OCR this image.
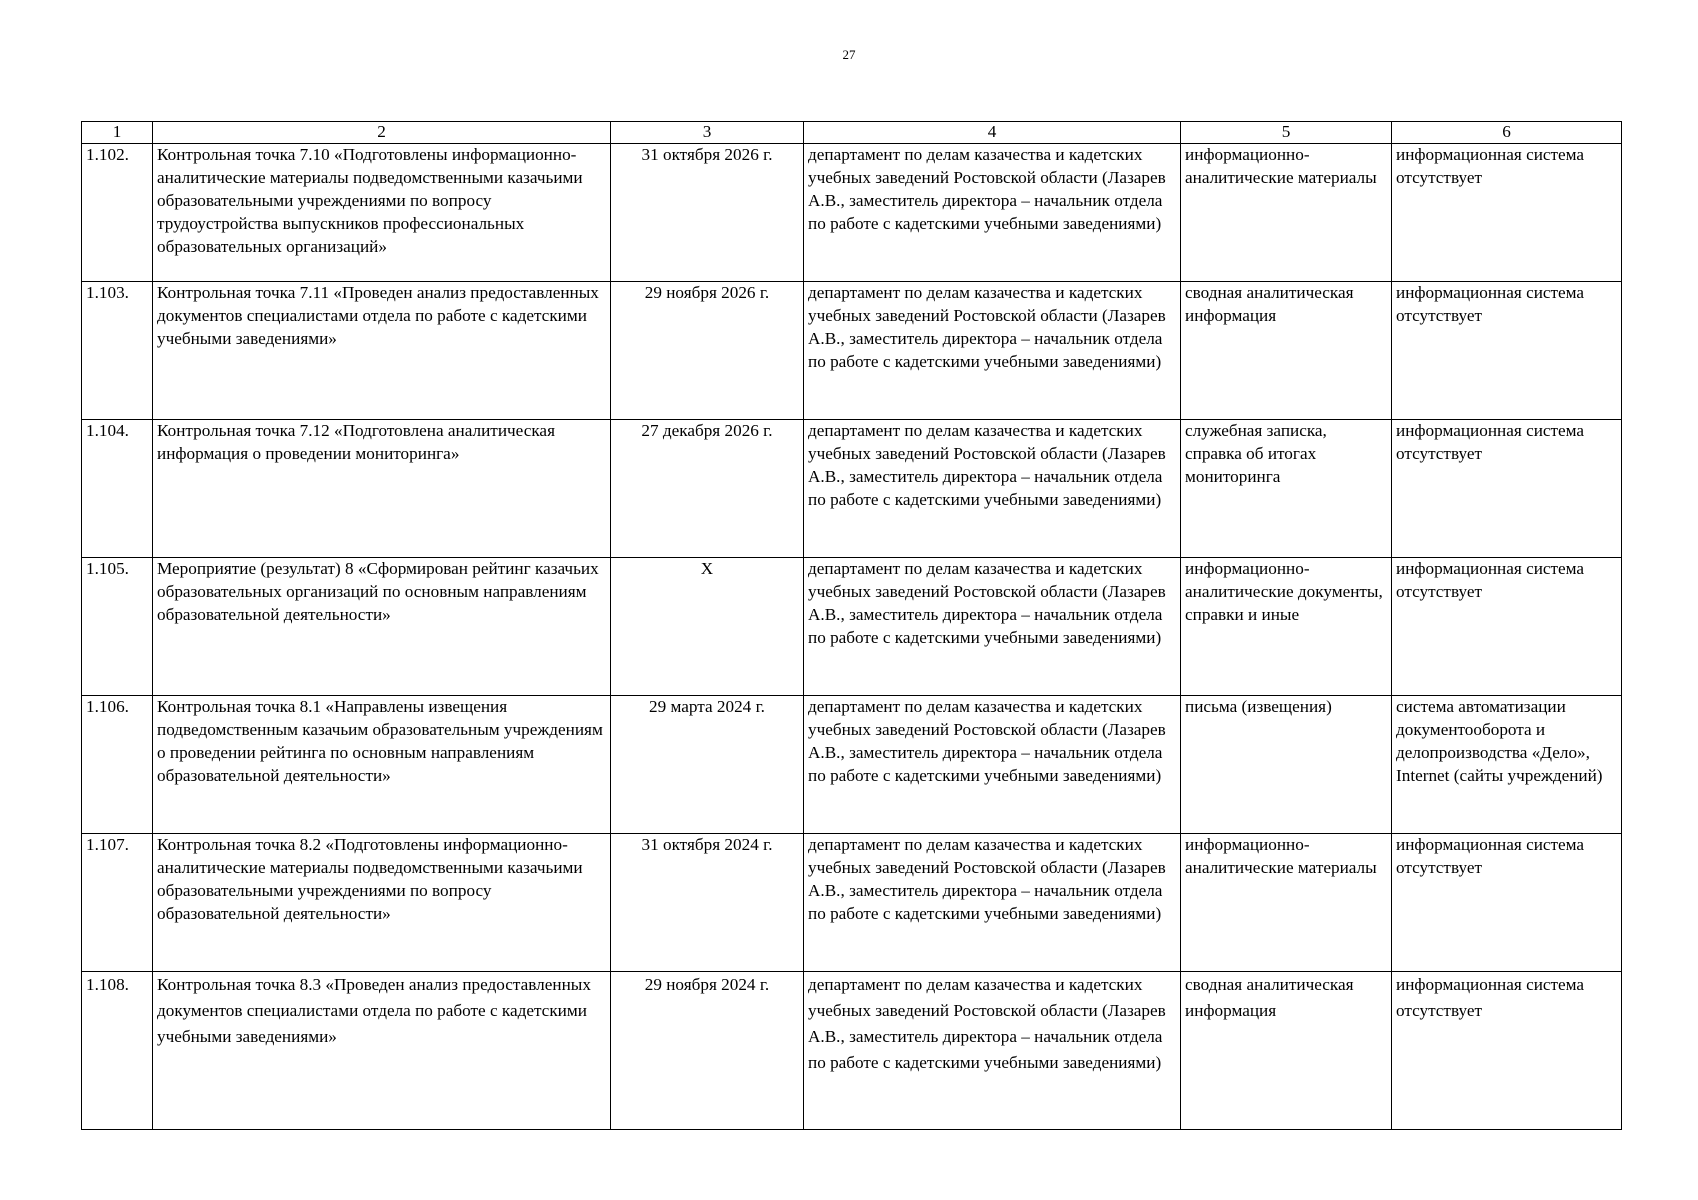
27
1	2	3	4	5	6
1.102.	Контрольная точка 7.10 «Подготовлены информационно-аналитические материалы подведомственными казачьими образовательными учреждениями по вопросу трудоустройства выпускников профессиональных образовательных организаций»	31 октября 2026 г.	департамент по делам казачества и кадетских учебных заведений Ростовской области (Лазарев А.В., заместитель директора – начальник отдела по работе с кадетскими учебными заведениями)	информационно-аналитические материалы	информационная система отсутствует
1.103.	Контрольная точка 7.11 «Проведен анализ предоставленных документов специалистами отдела по работе с кадетскими учебными заведениями»	29 ноября 2026 г.	департамент по делам казачества и кадетских учебных заведений Ростовской области (Лазарев А.В., заместитель директора – начальник отдела по работе с кадетскими учебными заведениями)	сводная аналитическая информация	информационная система отсутствует
1.104.	Контрольная точка 7.12 «Подготовлена аналитическая информация о проведении мониторинга»	27 декабря 2026 г.	департамент по делам казачества и кадетских учебных заведений Ростовской области (Лазарев А.В., заместитель директора – начальник отдела по работе с кадетскими учебными заведениями)	служебная записка, справка об итогах мониторинга	информационная система отсутствует
1.105.	Мероприятие (результат) 8 «Сформирован рейтинг казачьих образовательных организаций по основным направлениям образовательной деятельности»	X	департамент по делам казачества и кадетских учебных заведений Ростовской области (Лазарев А.В., заместитель директора – начальник отдела по работе с кадетскими учебными заведениями)	информационно-аналитические документы, справки и иные	информационная система отсутствует
1.106.	Контрольная точка 8.1 «Направлены извещения подведомственным казачьим образовательным учреждениям о проведении рейтинга по основным направлениям образовательной деятельности»	29 марта 2024 г.	департамент по делам казачества и кадетских учебных заведений Ростовской области (Лазарев А.В., заместитель директора – начальник отдела по работе с кадетскими учебными заведениями)	письма (извещения)	система автоматизации документооборота и делопроизводства «Дело», Internet (сайты учреждений)
1.107.	Контрольная точка 8.2 «Подготовлены информационно-аналитические материалы подведомственными казачьими образовательными учреждениями по вопросу образовательной деятельности»	31 октября 2024 г.	департамент по делам казачества и кадетских учебных заведений Ростовской области (Лазарев А.В., заместитель директора – начальник отдела по работе с кадетскими учебными заведениями)	информационно-аналитические материалы	информационная система отсутствует
1.108.	Контрольная точка 8.3 «Проведен анализ предоставленных документов специалистами отдела по работе с кадетскими учебными заведениями»	29 ноября 2024 г.	департамент по делам казачества и кадетских учебных заведений Ростовской области (Лазарев А.В., заместитель директора – начальник отдела по работе с кадетскими учебными заведениями)	сводная аналитическая информация	информационная система отсутствует
